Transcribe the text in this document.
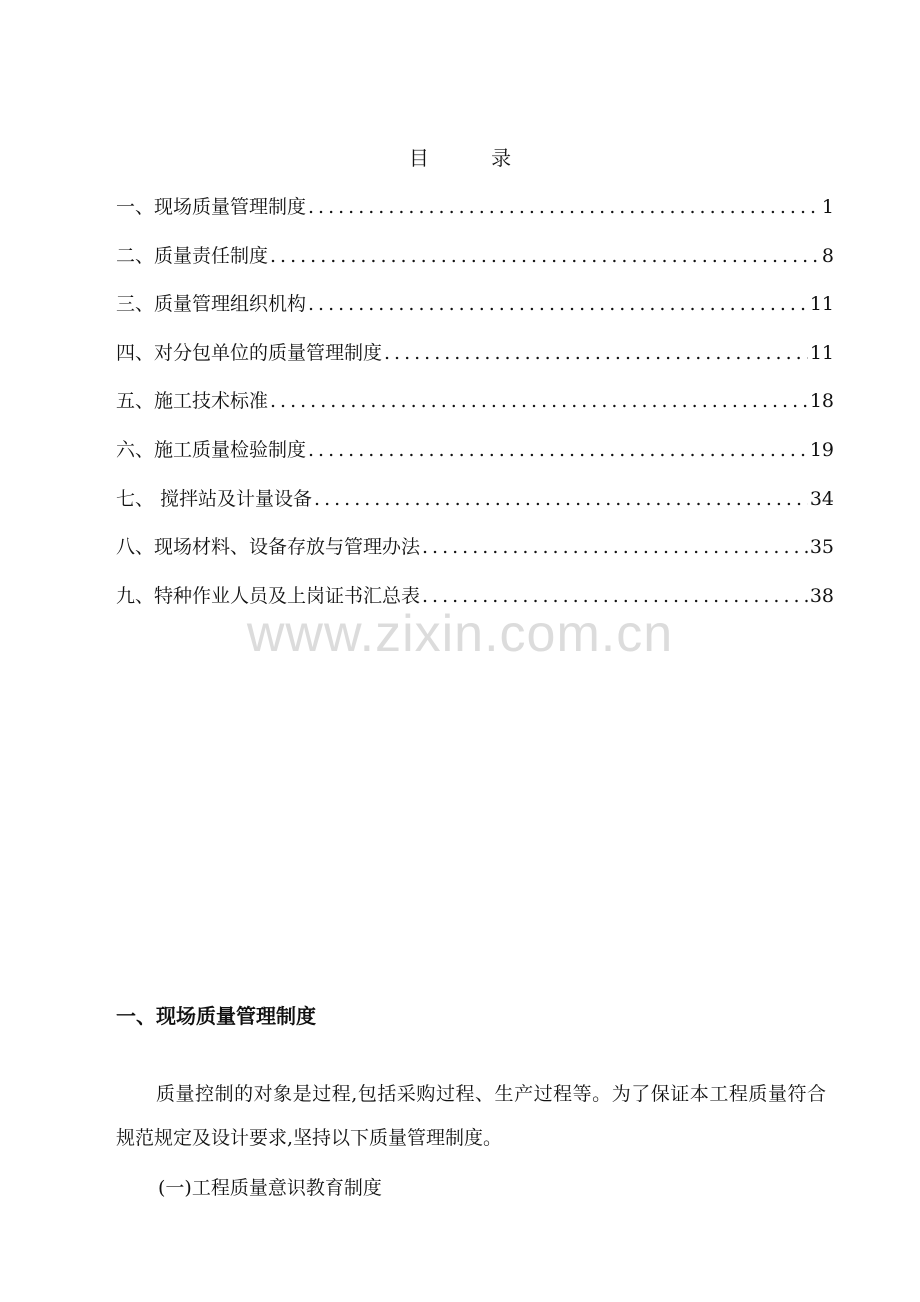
目 录
一、现场质量管理制度 .....	1
二、质量责任制度 .....	8
三、质量管理组织机构 .....	11
四、对分包单位的质量管理制度 .....	11
五、施工技术标准 .....	18
六、施工质量检验制度 .....	19
七、 搅拌站及计量设备 .....	34
八、现场材料、设备存放与管理办法 .....	35
九、特种作业人员及上岗证书汇总表 .....	38
www.zixin.com.cn
一、现场质量管理制度

质量控制的对象是过程,包括采购过程、生产过程等。为了保证本工程质量符合规范规定及设计要求,坚持以下质量管理制度。

(一)工程质量意识教育制度
